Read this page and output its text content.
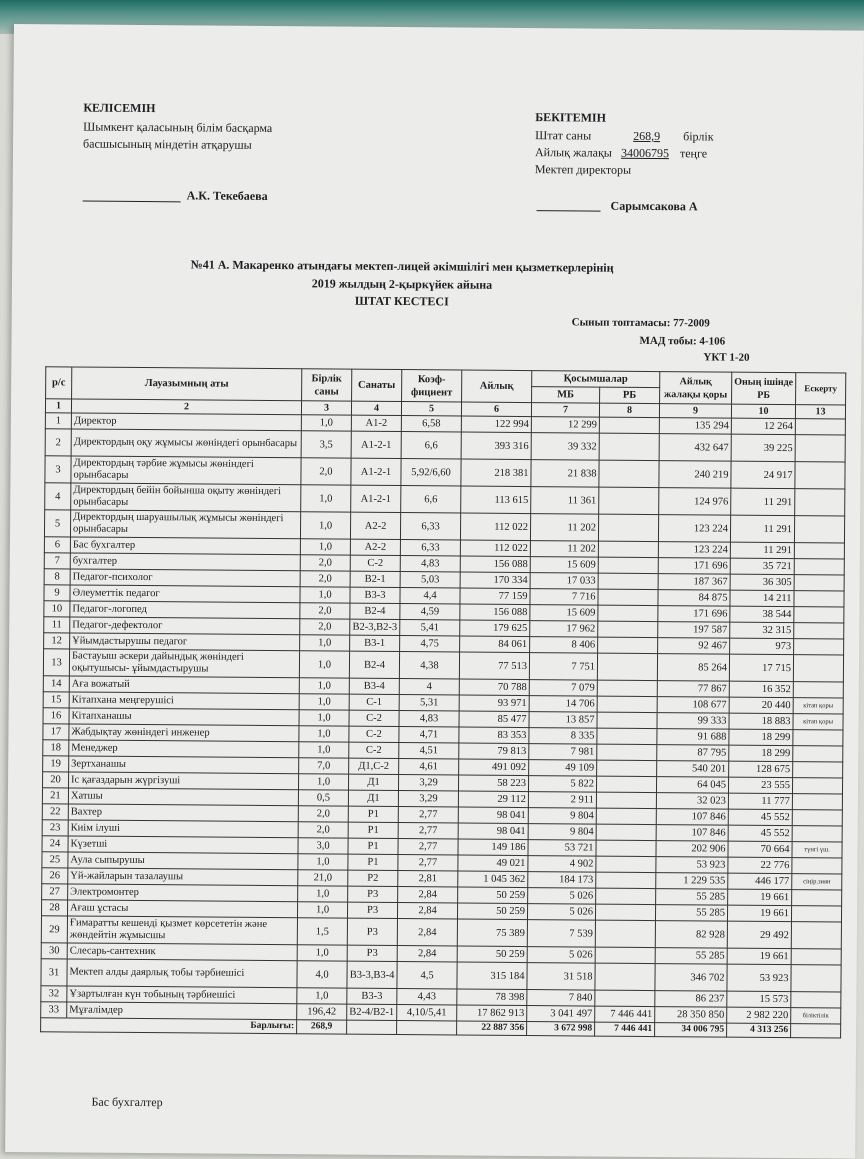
КЕЛІСЕМІН
Шымкент қаласының білім басқарма
басшысының міндетін атқарушы
А.К. Текебаева
БЕКІТЕМІН
Штат саны	268,9 бірлік
Айлық жалақы 34006795 теңге
Мектеп директоры
Сарымсакова А
№41 А. Макаренко атындағы мектеп-лицей әкімшілігі мен қызметкерлерінің
2019 жылдың 2-қыркүйек айына
ШТАТ КЕСТЕСІ
Сынып топтамасы: 77-2009
МАД тобы: 4-106
ҮКТ 1-20
р/с	Лауазымның аты	Бірлік саны	Санаты	Коэф-фициент	Айлық	Қосымшалар		Айлық жалақы қоры	Оның ішінде РБ	Ескерту
						МБ	РБ			
1	2	3	4	5	6	7	8	9	10	13
1	Директор	1,0	А1-2	6,58	122 994	12 299		135 294	12 264	
2	Директордың оқу жұмысы жөніндегі орынбасары	3,5	А1-2-1	6,6	393 316	39 332		432 647	39 225	
3	Директордың тәрбие жұмысы жөніндегі орынбасары	2,0	А1-2-1	5,92/6,60	218 381	21 838		240 219	24 917	
4	Директордың бейін бойынша оқыту жөніндегі орынбасары	1,0	А1-2-1	6,6	113 615	11 361		124 976	11 291	
5	Директордың шаруашылық жұмысы жөніндегі орынбасары	1,0	А2-2	6,33	112 022	11 202		123 224	11 291	
6	Бас бухгалтер	1,0	А2-2	6,33	112 022	11 202		123 224	11 291	
7	бухгалтер	2,0	С-2	4,83	156 088	15 609		171 696	35 721	
8	Педагог-психолог	2,0	В2-1	5,03	170 334	17 033		187 367	36 305	
9	Әлеуметтік педагог	1,0	В3-3	4,4	77 159	7 716		84 875	14 211	
10	Педагог-логопед	2,0	В2-4	4,59	156 088	15 609		171 696	38 544	
11	Педагог-дефектолог	2,0	В2-3,В2-3	5,41	179 625	17 962		197 587	32 315	
12	Ұйымдастырушы педагог	1,0	В3-1	4,75	84 061	8 406		92 467	973	
13	Бастауыш әскери дайындық жөніндегі оқытушысы- ұйымдастырушы	1,0	В2-4	4,38	77 513	7 751		85 264	17 715	
14	Аға вожатый	1,0	В3-4	4	70 788	7 079		77 867	16 352	
15	Кітапхана меңгерушісі	1,0	С-1	5,31	93 971	14 706		108 677	20 440	кітап қоры
16	Кітапханашы	1,0	С-2	4,83	85 477	13 857		99 333	18 883	кітап қоры
17	Жабдықтау жөніндегі инженер	1,0	С-2	4,71	83 353	8 335		91 688	18 299	
18	Менеджер	1,0	С-2	4,51	79 813	7 981		87 795	18 299	
19	Зертханашы	7,0	Д1,С-2	4,61	491 092	49 109		540 201	128 675	
20	Іс қағаздарын жүргізуші	1,0	Д1	3,29	58 223	5 822		64 045	23 555	
21	Хатшы	0,5	Д1	3,29	29 112	2 911		32 023	11 777	
22	Вахтер	2,0	Р1	2,77	98 041	9 804		107 846	45 552	
23	Киім ілуші	2,0	Р1	2,77	98 041	9 804		107 846	45 552	
24	Күзетші	3,0	Р1	2,77	149 186	53 721		202 906	70 664	түнгі үш.
25	Аула сыпырушы	1,0	Р1	2,77	49 021	4 902		53 923	22 776	
26	Үй-жайларын тазалаушы	21,0	Р2	2,81	1 045 362	184 173		1 229 535	446 177	сіңір.зиян
27	Электромонтер	1,0	Р3	2,84	50 259	5 026		55 285	19 661	
28	Ағаш ұстасы	1,0	Р3	2,84	50 259	5 026		55 285	19 661	
29	Ғимаратты кешенді қызмет көрсететін және жөндейтін жұмысшы	1,5	Р3	2,84	75 389	7 539		82 928	29 492	
30	Слесарь-сантехник	1,0	Р3	2,84	50 259	5 026		55 285	19 661	
31	Мектеп алды даярлық тобы тәрбиешісі	4,0	В3-3,В3-4	4,5	315 184	31 518		346 702	53 923	
32	Ұзартылған күн тобының тәрбиешісі	1,0	В3-3	4,43	78 398	7 840		86 237	15 573	
33	Мұғалімдер	196,42	В2-4/В2-1	4,10/5,41	17 862 913	3 041 497	7 446 441	28 350 850	2 982 220	біліктілік
Барлығы:		268,9			22 887 356	3 672 998	7 446 441	34 006 795	4 313 256	
Бас бухгалтер
